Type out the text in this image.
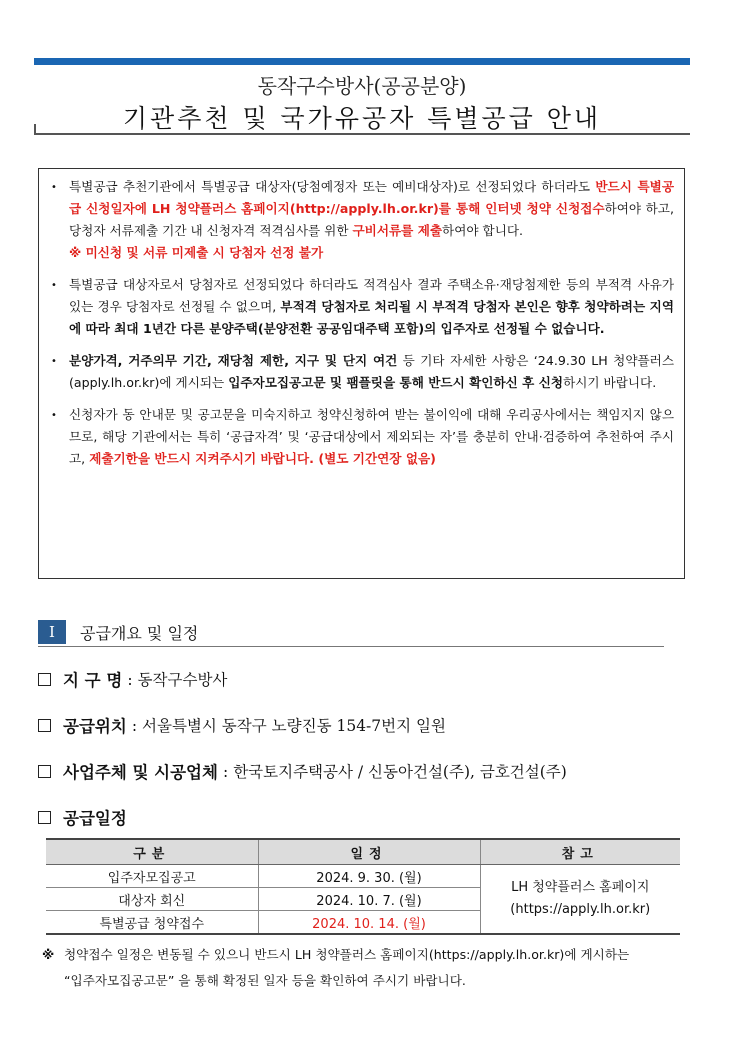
동작구수방사(공공분양)
기관추천 및 국가유공자 특별공급 안내
• 특별공급 추천기관에서 특별공급 대상자(당첨예정자 또는 예비대상자)로 선정되었다 하더라도 반드시 특별공급 신청일자에 LH 청약플러스 홈페이지(http://apply.lh.or.kr)를 통해 인터넷 청약 신청접수하여야 하고, 당청자 서류제출 기간 내 신청자격 적격심사를 위한 구비서류를 제출하여야 합니다.
※ 미신청 및 서류 미제출 시 당첨자 선정 불가
• 특별공급 대상자로서 당첨자로 선정되었다 하더라도 적격심사 결과 주택소유·재당첨제한 등의 부적격 사유가 있는 경우 당첨자로 선정될 수 없으며, 부적격 당첨자로 처리될 시 부적격 당첨자 본인은 향후 청약하려는 지역에 따라 최대 1년간 다른 분양주택(분양전환 공공임대주택 포함)의 입주자로 선정될 수 없습니다.
• 분양가격, 거주의무 기간, 재당첨 제한, 지구 및 단지 여건 등 기타 자세한 사항은 ‘24.9.30 LH 청약플러스(apply.lh.or.kr)에 게시되는 입주자모집공고문 및 팸플릿을 통해 반드시 확인하신 후 신청하시기 바랍니다.
• 신청자가 동 안내문 및 공고문을 미숙지하고 청약신청하여 받는 불이익에 대해 우리공사에서는 책임지지 않으므로, 해당 기관에서는 특히 ‘공급자격’ 및 ‘공급대상에서 제외되는 자’를 충분히 안내·검증하여 추천하여 주시고, 제출기한을 반드시 지켜주시기 바랍니다. (별도 기간연장 없음)
Ⅰ	공급개요 및 일정
지 구 명
: 동작구수방사
공급위치
: 서울특별시 동작구 노량진동 154-7번지 일원
사업주체 및 시공업체
: 한국토지주택공사 / 신동아건설(주), 금호건설(주)
공급일정
구분	일정	참고
입주자모집공고	2024. 9. 30. (월)	LH 청약플러스 홈페이지
(https://apply.lh.or.kr)
대상자 회신	2024. 10. 7. (월)	
특별공급 청약접수	2024. 10. 14. (월)	
※ 청약접수 일정은 변동될 수 있으니 반드시 LH 청약플러스 홈페이지(https://apply.lh.or.kr)에 게시하는
“입주자모집공고문” 을 통해 확정된 일자 등을 확인하여 주시기 바랍니다.
